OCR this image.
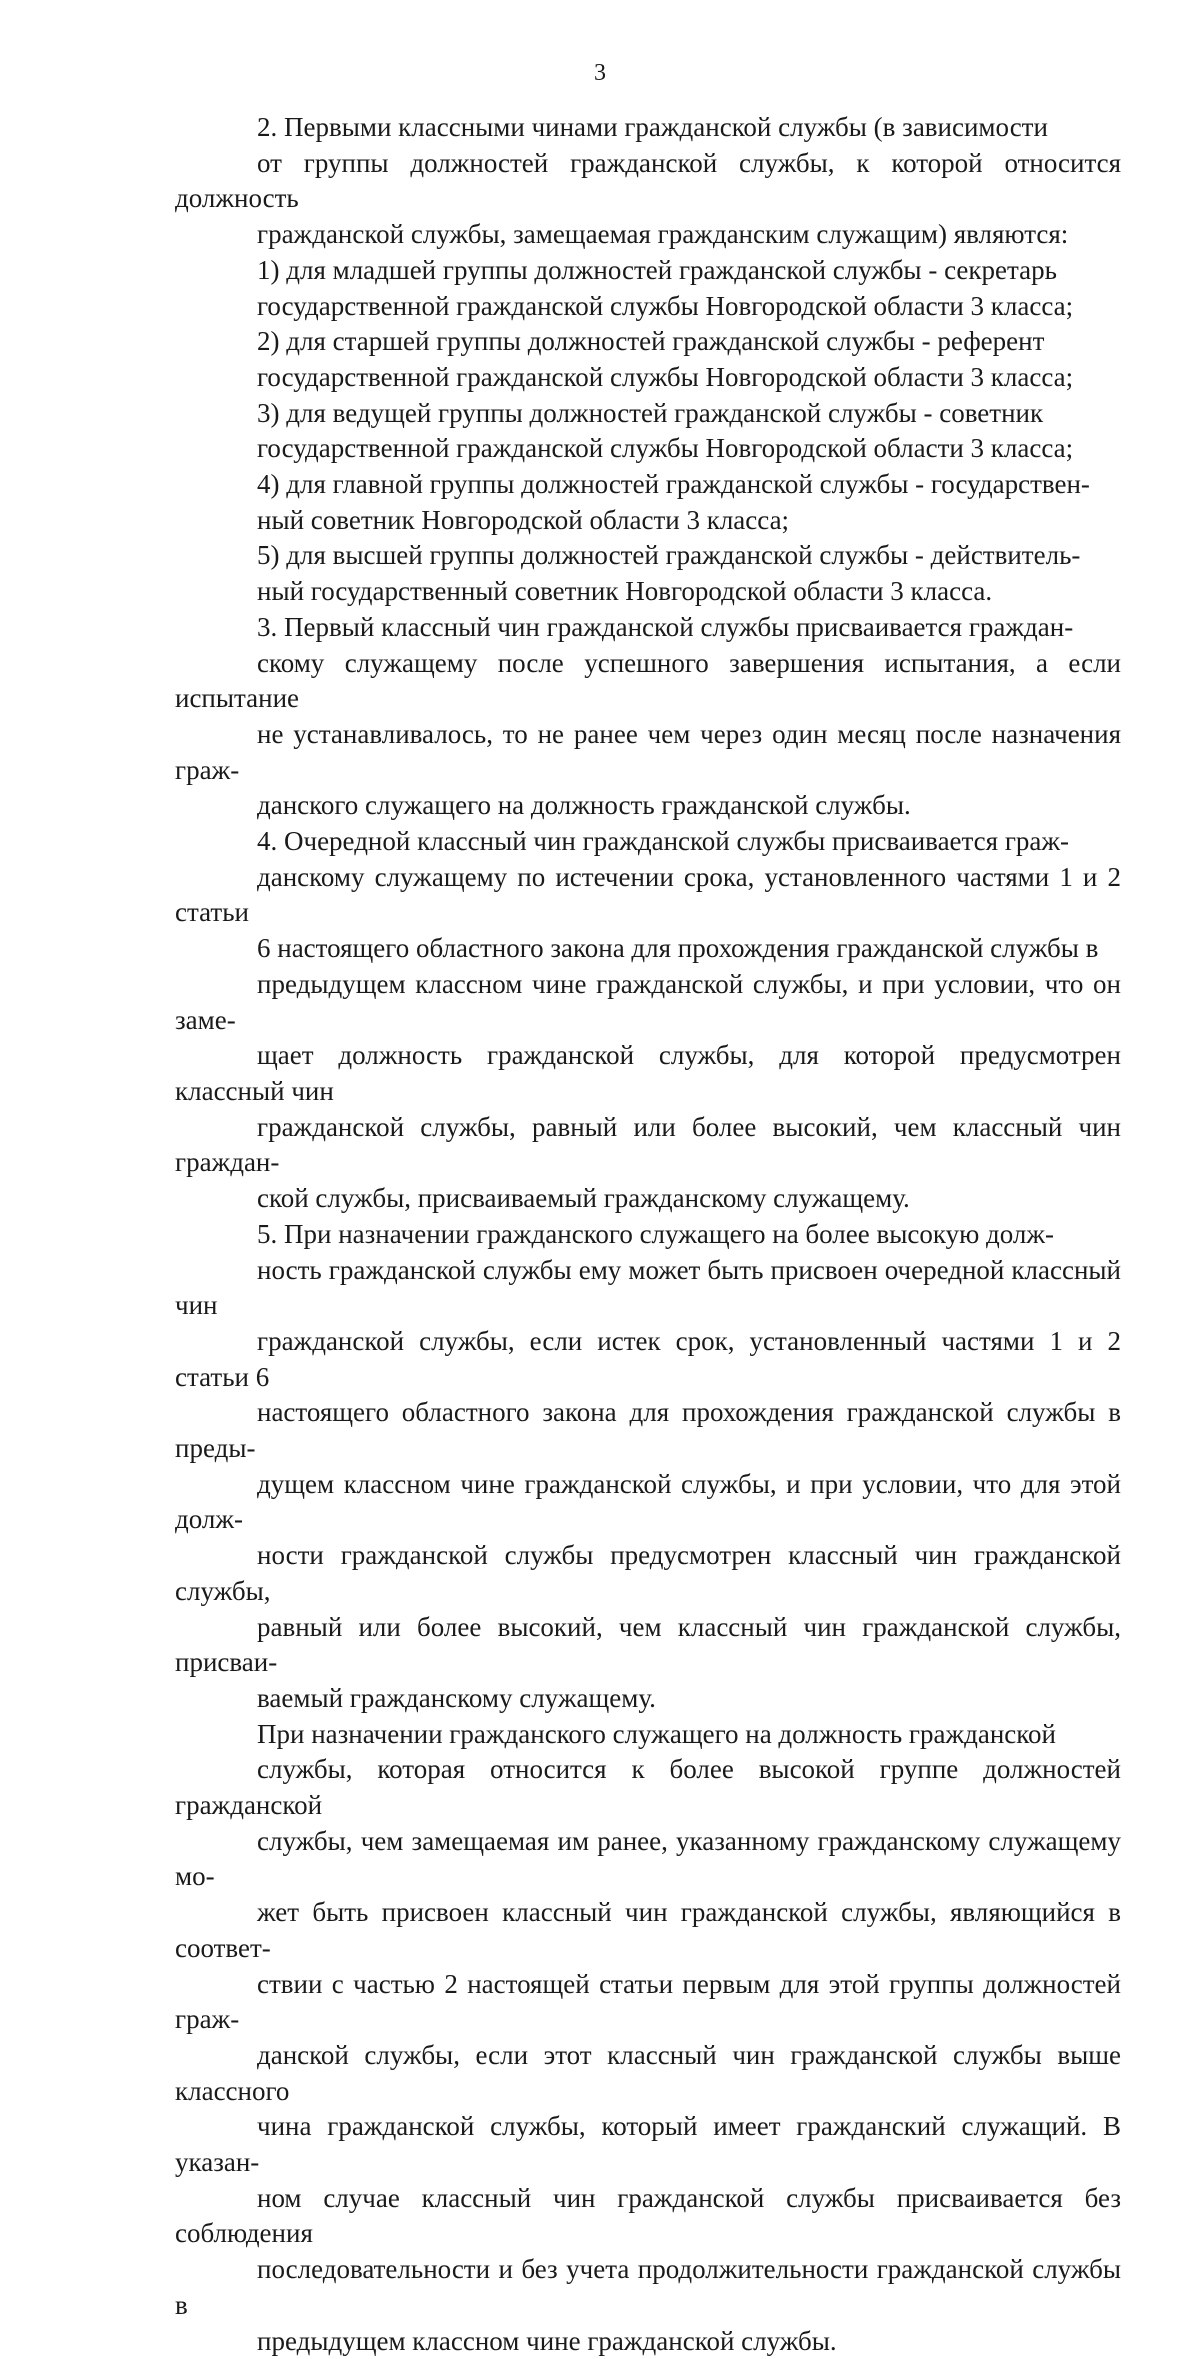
3

2. Первыми классными чинами гражданской службы (в зависимости
от группы должностей гражданской службы, к которой относится должность
гражданской службы, замещаемая гражданским служащим) являются:

1) для младшей группы должностей гражданской службы - секретарь
государственной гражданской службы Новгородской области 3 класса;

2) для старшей группы должностей гражданской службы - референт
государственной гражданской службы Новгородской области 3 класса;

3) для ведущей группы должностей гражданской службы - советник
государственной гражданской службы Новгородской области 3 класса;

4) для главной группы должностей гражданской службы - государствен-
ный советник Новгородской области 3 класса;

5) для высшей группы должностей гражданской службы - действитель-
ный государственный советник Новгородской области 3 класса.

3. Первый классный чин гражданской службы присваивается граждан-
скому служащему после успешного завершения испытания, а если испытание
не устанавливалось, то не ранее чем через один месяц после назначения граж-
данского служащего на должность гражданской службы.

4. Очередной классный чин гражданской службы присваивается граж-
данскому служащему по истечении срока, установленного частями 1 и 2 статьи
6 настоящего областного закона для прохождения гражданской службы в
предыдущем классном чине гражданской службы, и при условии, что он заме-
щает должность гражданской службы, для которой предусмотрен классный чин
гражданской службы, равный или более высокий, чем классный чин граждан-
ской службы, присваиваемый гражданскому служащему.

5. При назначении гражданского служащего на более высокую долж-
ность гражданской службы ему может быть присвоен очередной классный чин
гражданской службы, если истек срок, установленный частями 1 и 2 статьи 6
настоящего областного закона для прохождения гражданской службы в преды-
дущем классном чине гражданской службы, и при условии, что для этой долж-
ности гражданской службы предусмотрен классный чин гражданской службы,
равный или более высокий, чем классный чин гражданской службы, присваи-
ваемый гражданскому служащему.

При назначении гражданского служащего на должность гражданской
службы, которая относится к более высокой группе должностей гражданской
службы, чем замещаемая им ранее, указанному гражданскому служащему мо-
жет быть присвоен классный чин гражданской службы, являющийся в соответ-
ствии с частью 2 настоящей статьи первым для этой группы должностей граж-
данской службы, если этот классный чин гражданской службы выше классного
чина гражданской службы, который имеет гражданский служащий. В указан-
ном случае классный чин гражданской службы присваивается без соблюдения
последовательности и без учета продолжительности гражданской службы в
предыдущем классном чине гражданской службы.
